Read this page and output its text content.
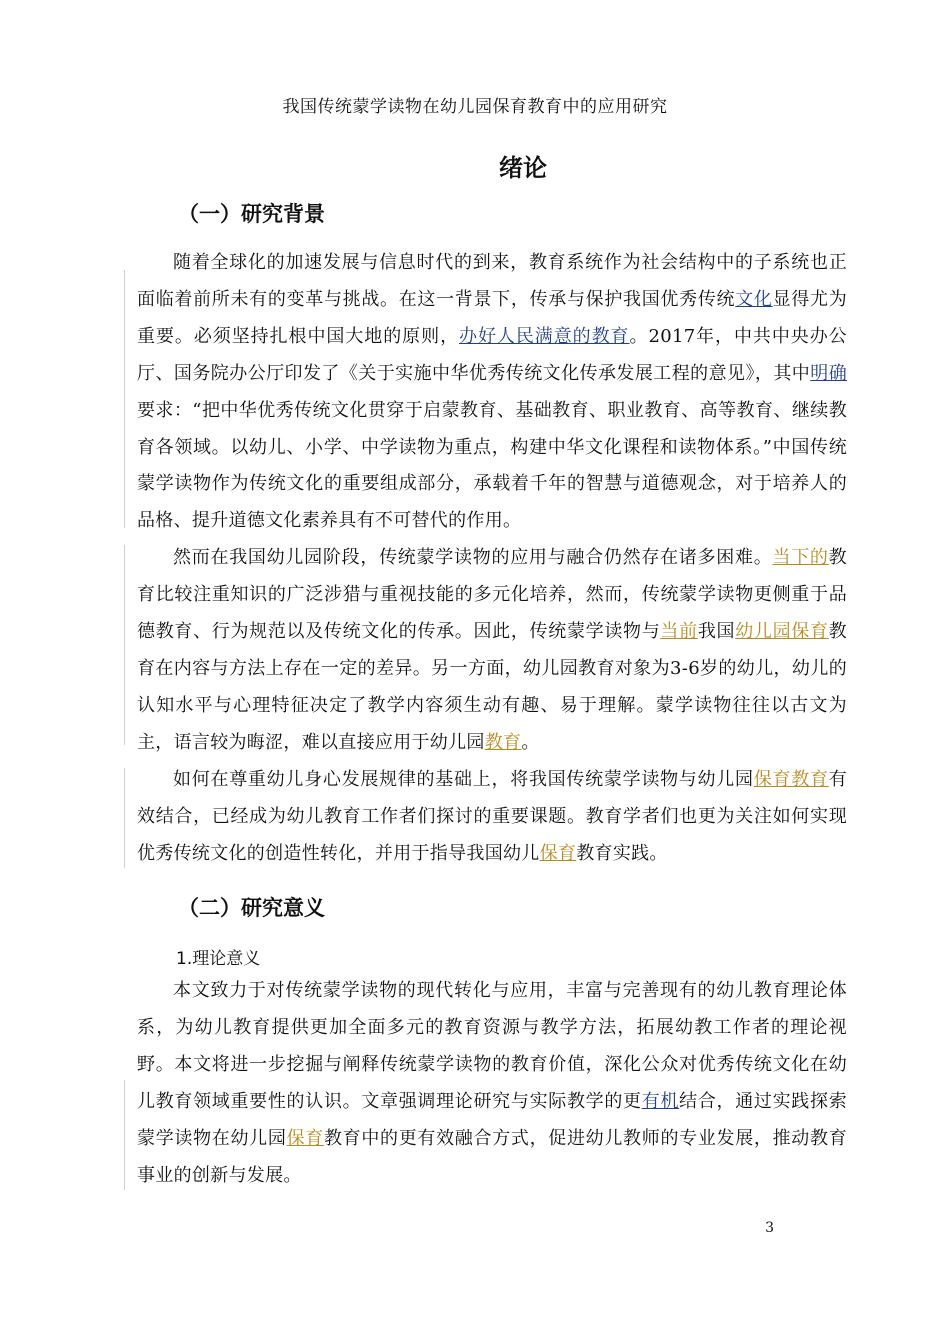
我国传统蒙学读物在幼儿园保育教育中的应用研究
绪论
（一）研究背景

随着全球化的加速发展与信息时代的到来，教育系统作为社会结构中的子系统也正面临着前所未有的变革与挑战。在这一背景下，传承与保护我国优秀传统文化显得尤为重要。必须坚持扎根中国大地的原则，办好人民满意的教育。2017年，中共中央办公厅、国务院办公厅印发了《关于实施中华优秀传统文化传承发展工程的意见》，其中明确要求：“把中华优秀传统文化贯穿于启蒙教育、基础教育、职业教育、高等教育、继续教育各领域。以幼儿、小学、中学读物为重点，构建中华文化课程和读物体系。”中国传统蒙学读物作为传统文化的重要组成部分，承载着千年的智慧与道德观念，对于培养人的品格、提升道德文化素养具有不可替代的作用。

然而在我国幼儿园阶段，传统蒙学读物的应用与融合仍然存在诸多困难。当下的教育比较注重知识的广泛涉猎与重视技能的多元化培养，然而，传统蒙学读物更侧重于品德教育、行为规范以及传统文化的传承。因此，传统蒙学读物与当前我国幼儿园保育教育在内容与方法上存在一定的差异。另一方面，幼儿园教育对象为3-6岁的幼儿，幼儿的认知水平与心理特征决定了教学内容须生动有趣、易于理解。蒙学读物往往以古文为主，语言较为晦涩，难以直接应用于幼儿园教育。

如何在尊重幼儿身心发展规律的基础上，将我国传统蒙学读物与幼儿园保育教育有效结合，已经成为幼儿教育工作者们探讨的重要课题。教育学者们也更为关注如何实现优秀传统文化的创造性转化，并用于指导我国幼儿保育教育实践。

（二）研究意义
1.理论意义

本文致力于对传统蒙学读物的现代转化与应用，丰富与完善现有的幼儿教育理论体系，为幼儿教育提供更加全面多元的教育资源与教学方法，拓展幼教工作者的理论视野。本文将进一步挖掘与阐释传统蒙学读物的教育价值，深化公众对优秀传统文化在幼儿教育领域重要性的认识。文章强调理论研究与实际教学的更有机结合，通过实践探索蒙学读物在幼儿园保育教育中的更有效融合方式，促进幼儿教师的专业发展，推动教育事业的创新与发展。

3
